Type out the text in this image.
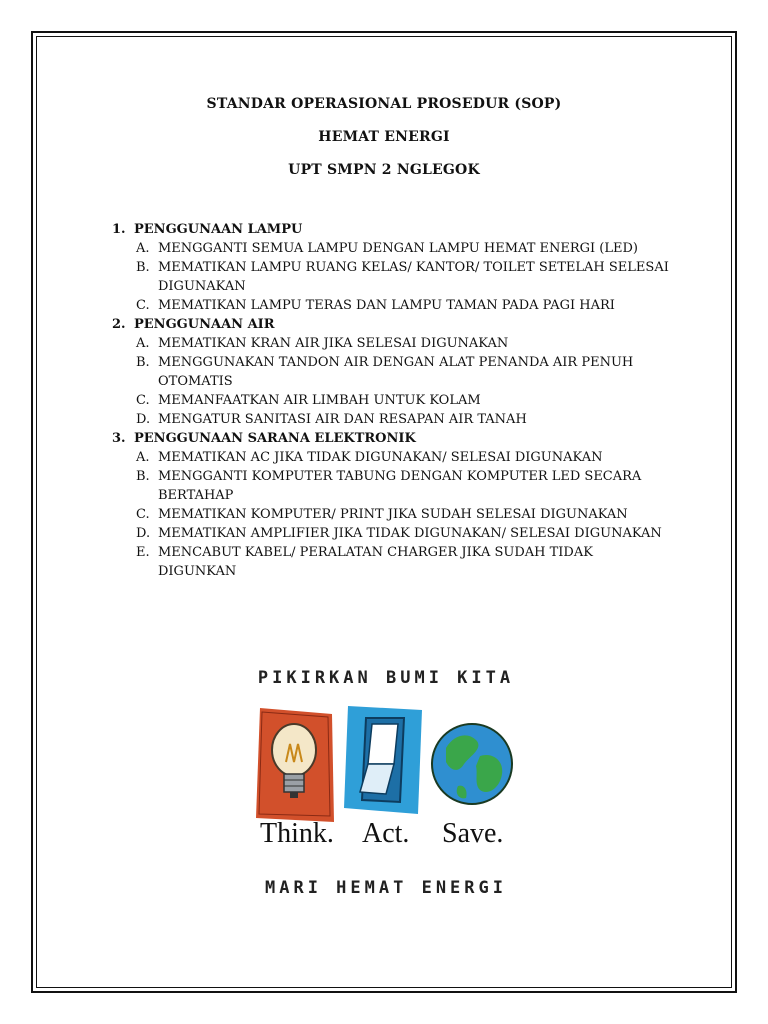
STANDAR OPERASIONAL PROSEDUR (SOP)
HEMAT ENERGI
UPT SMPN 2 NGLEGOK
1. PENGGUNAAN LAMPU
A. MENGGANTI SEMUA LAMPU DENGAN LAMPU HEMAT ENERGI (LED)
B. MEMATIKAN LAMPU RUANG KELAS/ KANTOR/ TOILET SETELAH SELESAI DIGUNAKAN
C. MEMATIKAN LAMPU TERAS DAN LAMPU TAMAN PADA PAGI HARI
2. PENGGUNAAN AIR
A. MEMATIKAN KRAN AIR JIKA SELESAI DIGUNAKAN
B. MENGGUNAKAN TANDON AIR DENGAN ALAT PENANDA AIR PENUH OTOMATIS
C. MEMANFAATKAN AIR LIMBAH UNTUK KOLAM
D. MENGATUR SANITASI AIR DAN RESAPAN AIR TANAH
3. PENGGUNAAN SARANA ELEKTRONIK
A. MEMATIKAN AC JIKA TIDAK DIGUNAKAN/ SELESAI DIGUNAKAN
B. MENGGANTI KOMPUTER TABUNG DENGAN KOMPUTER LED SECARA BERTAHAP
C. MEMATIKAN KOMPUTER/ PRINT JIKA SUDAH SELESAI DIGUNAKAN
D. MEMATIKAN AMPLIFIER JIKA TIDAK DIGUNAKAN/ SELESAI DIGUNAKAN
E. MENCABUT KABEL/ PERALATAN CHARGER JIKA SUDAH TIDAK DIGUNKAN
PIKIRKAN BUMI KITA
Think. Act. Save.
MARI HEMAT ENERGI
